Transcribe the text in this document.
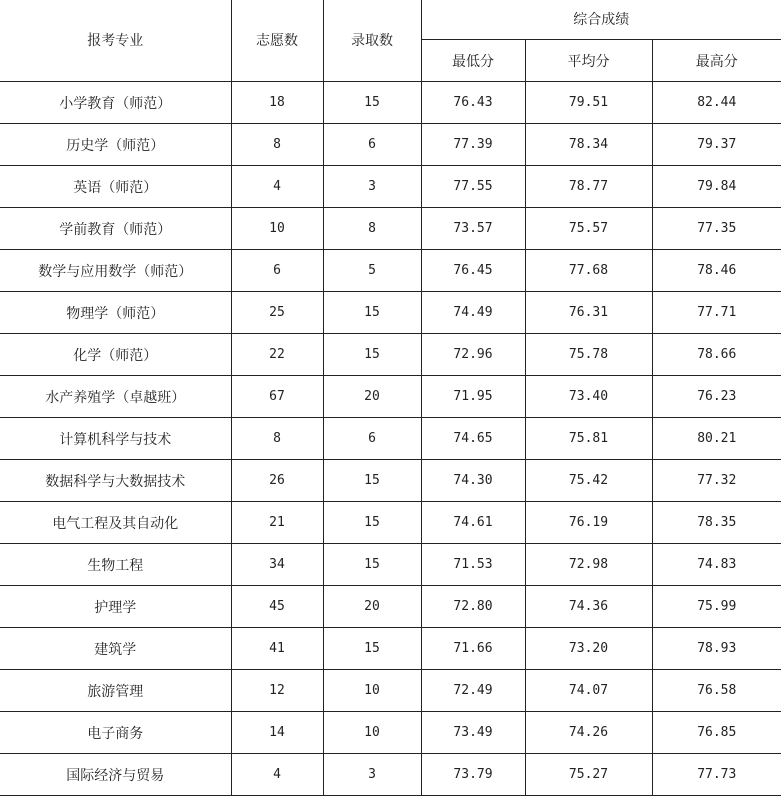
报考专业	志愿数	录取数	综合成绩		
			最低分	平均分	最高分
小学教育（师范）	18	15	76.43	79.51	82.44
历史学（师范）	8	6	77.39	78.34	79.37
英语（师范）	4	3	77.55	78.77	79.84
学前教育（师范）	10	8	73.57	75.57	77.35
数学与应用数学（师范）	6	5	76.45	77.68	78.46
物理学（师范）	25	15	74.49	76.31	77.71
化学（师范）	22	15	72.96	75.78	78.66
水产养殖学（卓越班）	67	20	71.95	73.40	76.23
计算机科学与技术	8	6	74.65	75.81	80.21
数据科学与大数据技术	26	15	74.30	75.42	77.32
电气工程及其自动化	21	15	74.61	76.19	78.35
生物工程	34	15	71.53	72.98	74.83
护理学	45	20	72.80	74.36	75.99
建筑学	41	15	71.66	73.20	78.93
旅游管理	12	10	72.49	74.07	76.58
电子商务	14	10	73.49	74.26	76.85
国际经济与贸易	4	3	73.79	75.27	77.73
